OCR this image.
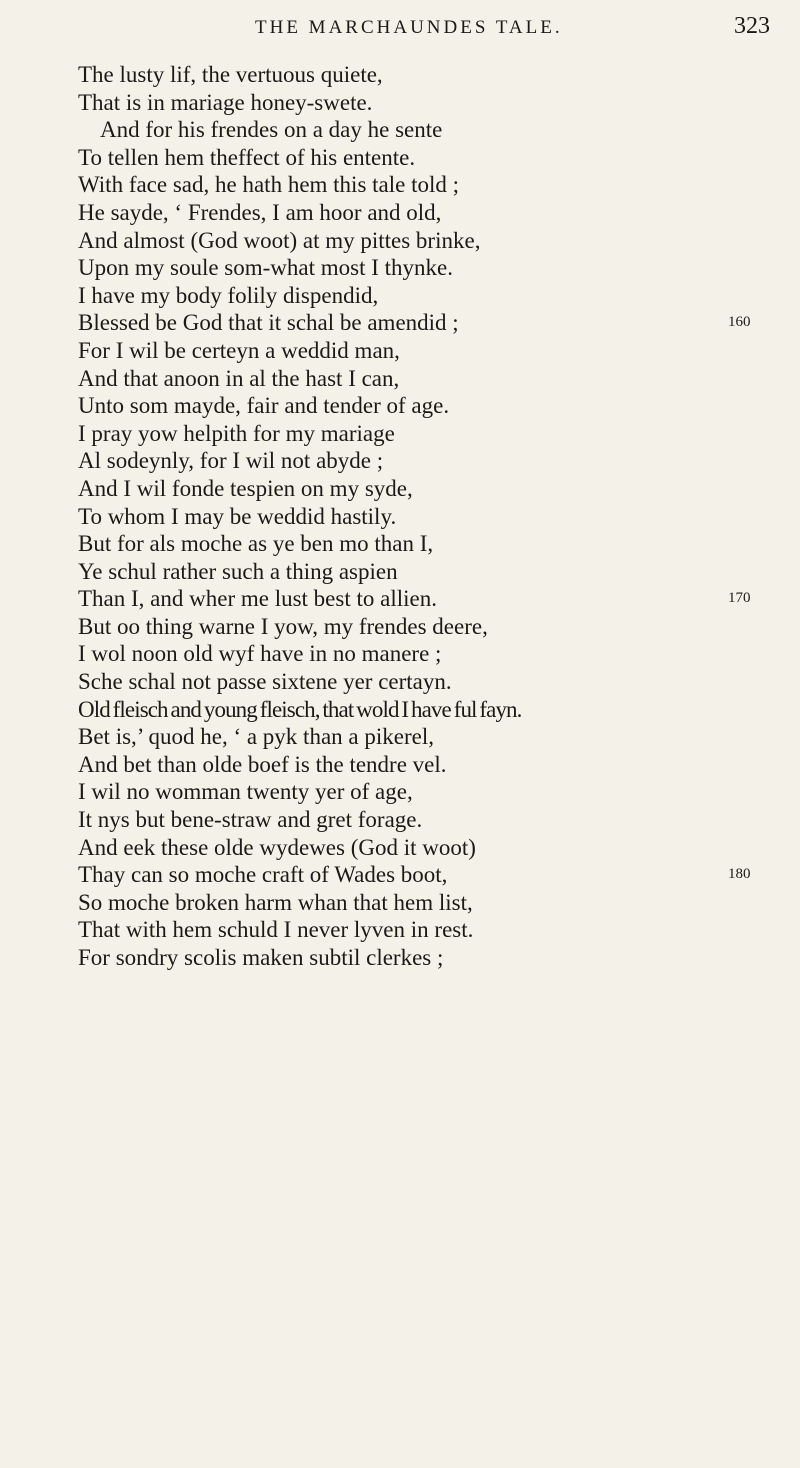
THE MARCHAUNDES TALE.	323
The lusty lif, the vertuous quiete,
That is in mariage honey-swete.
And for his frendes on a day he sente
To tellen hem theffect of his entente.
With face sad, he hath hem this tale told ;
He sayde, ‘ Frendes, I am hoor and old,
And almost (God woot) at my pittes brinke,
Upon my soule som-what most I thynke.
I have my body folily dispendid,
Blessed be God that it schal be amendid ;	160
For I wil be certeyn a weddid man,
And that anoon in al the hast I can,
Unto som mayde, fair and tender of age.
I pray yow helpith for my mariage
Al sodeynly, for I wil not abyde ;
And I wil fonde tespien on my syde,
To whom I may be weddid hastily.
But for als moche as ye ben mo than I,
Ye schul rather such a thing aspien
Than I, and wher me lust best to allien.	170
But oo thing warne I yow, my frendes deere,
I wol noon old wyf have in no manere ;
Sche schal not passe sixtene yer certayn.
Old fleisch and young fleisch, that wold I have ful fayn.
Bet is,’ quod he, ‘ a pyk than a pikerel,
And bet than olde boef is the tendre vel.
I wil no womman twenty yer of age,
It nys but bene-straw and gret forage.
And eek these olde wydewes (God it woot)
Thay can so moche craft of Wades boot,	180
So moche broken harm whan that hem list,
That with hem schuld I never lyven in rest.
For sondry scolis maken subtil clerkes ;
